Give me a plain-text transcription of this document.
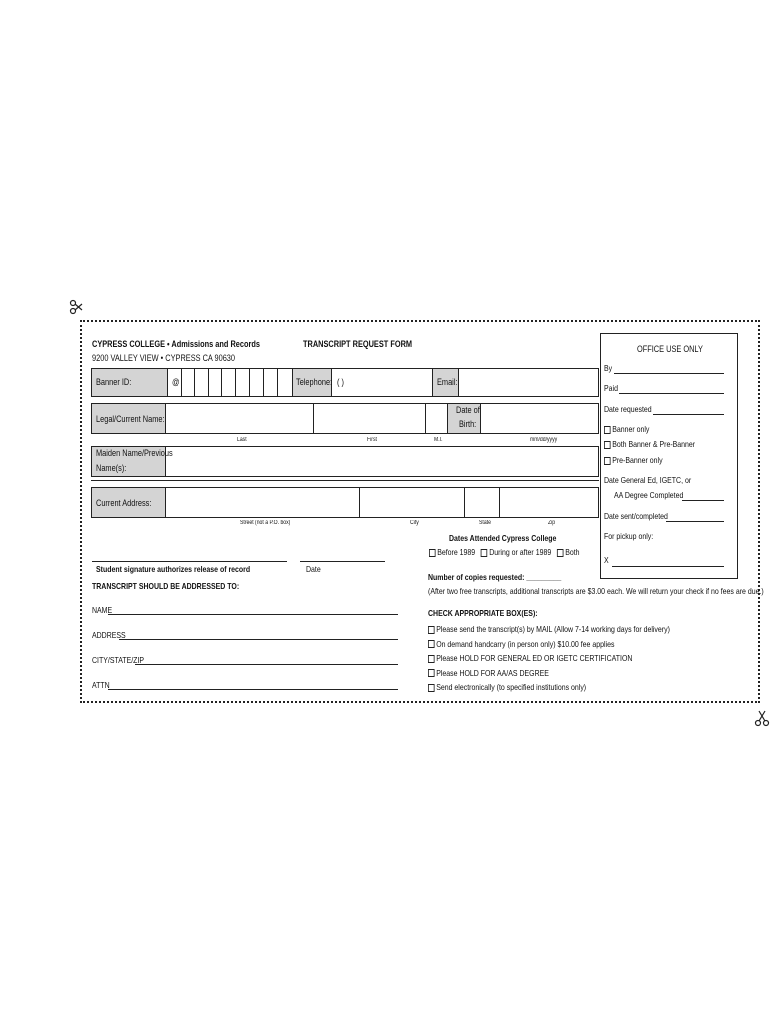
CYPRESS COLLEGE • Admissions and Records
9200 VALLEY VIEW • CYPRESS CA 90630
TRANSCRIPT REQUEST FORM
Banner ID:	@	Telephone: ( )	Email:
Legal/Current Name:
Date of
Birth:
Last	First	M.I.	mm/dd/yyyy
Maiden Name/Previous
Name(s):
Current Address:
Street (not a P.O. box)	City	State	Zip
Dates Attended Cypress College
Before 1989 During or after 1989 Both
Student signature authorizes release of record	Date
TRANSCRIPT SHOULD BE ADDRESSED TO:
NAME
ADDRESS
CITY/STATE/ZIP
ATTN
Number of copies requested: _________
(After two free transcripts, additional transcripts are $3.00 each. We will return your check if no fees are due.)
CHECK APPROPRIATE BOX(ES):
Please send the transcript(s) by MAIL (Allow 7-14 working days for delivery)
On demand handcarry (in person only) $10.00 fee applies
Please HOLD FOR GENERAL ED OR IGETC CERTIFICATION
Please HOLD FOR AA/AS DEGREE
Send electronically (to specified institutions only)
OFFICE USE ONLY
By
Paid
Date requested
Banner only
Both Banner & Pre-Banner
Pre-Banner only
Date General Ed, IGETC, or
AA Degree Completed
Date sent/completed
For pickup only:
X
